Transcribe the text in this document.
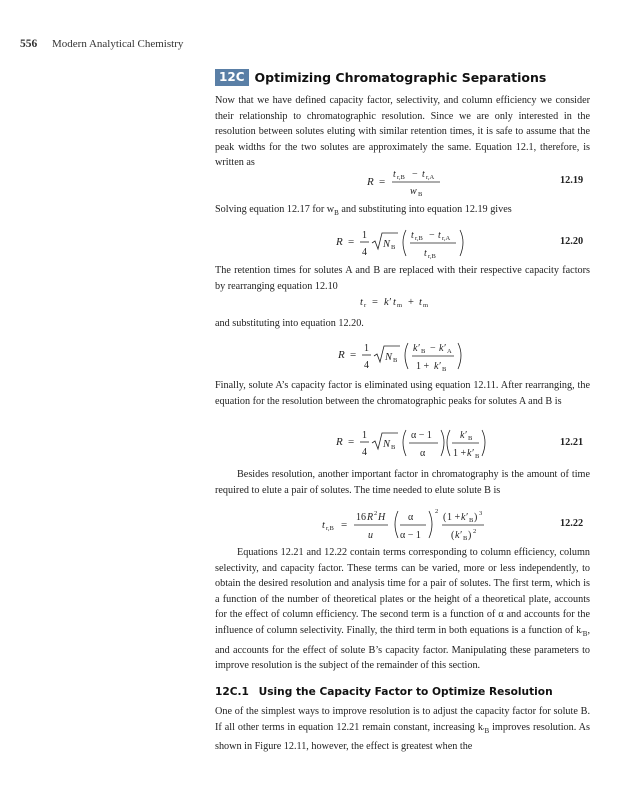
556 Modern Analytical Chemistry
12C Optimizing Chromatographic Separations

Now that we have defined capacity factor, selectivity, and column efficiency we consider their relationship to chromatographic resolution. Since we are only interested in the resolution between solutes eluting with similar retention times, it is safe to assume that the peak widths for the two solutes are approximately the same. Equation 12.1, therefore, is written as

R =
t r,B − t r,A
w B
12.19

Solving equation 12.17 for $w_B$ and substituting into equation 12.19 gives

R =
1
4
N B
t r,B − t r,A
t r,B
12.20

The retention times for solutes A and B are replaced with their respective capacity factors by rearranging equation 12.10

t r = k′ t m + t m

and substituting into equation 12.20.

R =
1
4
N B
k′ B − k′ A
1 + k′ B

Finally, solute A’s capacity factor is eliminated using equation 12.11. After rearranging, the equation for the resolution between the chromatographic peaks for solutes A and B is

R =
1
4
N B
α − 1
α
k′ B
1 + k′ B
12.21

Besides resolution, another important factor in chromatography is the amount of time required to elute a pair of solutes. The time needed to elute solute B is

t r,B =
16 R 2 H
u
α
α − 1
2
( 1 + k′ B ) 3
( k′ B ) 2
12.22

Equations 12.21 and 12.22 contain terms corresponding to column efficiency, column selectivity, and capacity factor. These terms can be varied, more or less independently, to obtain the desired resolution and analysis time for a pair of solutes. The first term, which is a function of the number of theoretical plates or the height of a theoretical plate, accounts for the effect of column efficiency. The second term is a function of α and accounts for the influence of column selectivity. Finally, the third term in both equations is a function of $k_{'B}$, and accounts for the effect of solute B’s capacity factor. Manipulating these parameters to improve resolution is the subject of the remainder of this section.

12C.1 Using the Capacity Factor to Optimize Resolution

One of the simplest ways to improve resolution is to adjust the capacity factor for solute B. If all other terms in equation 12.21 remain constant, increasing $k_{'B}$ improves resolution. As shown in Figure 12.11, however, the effect is greatest when the
